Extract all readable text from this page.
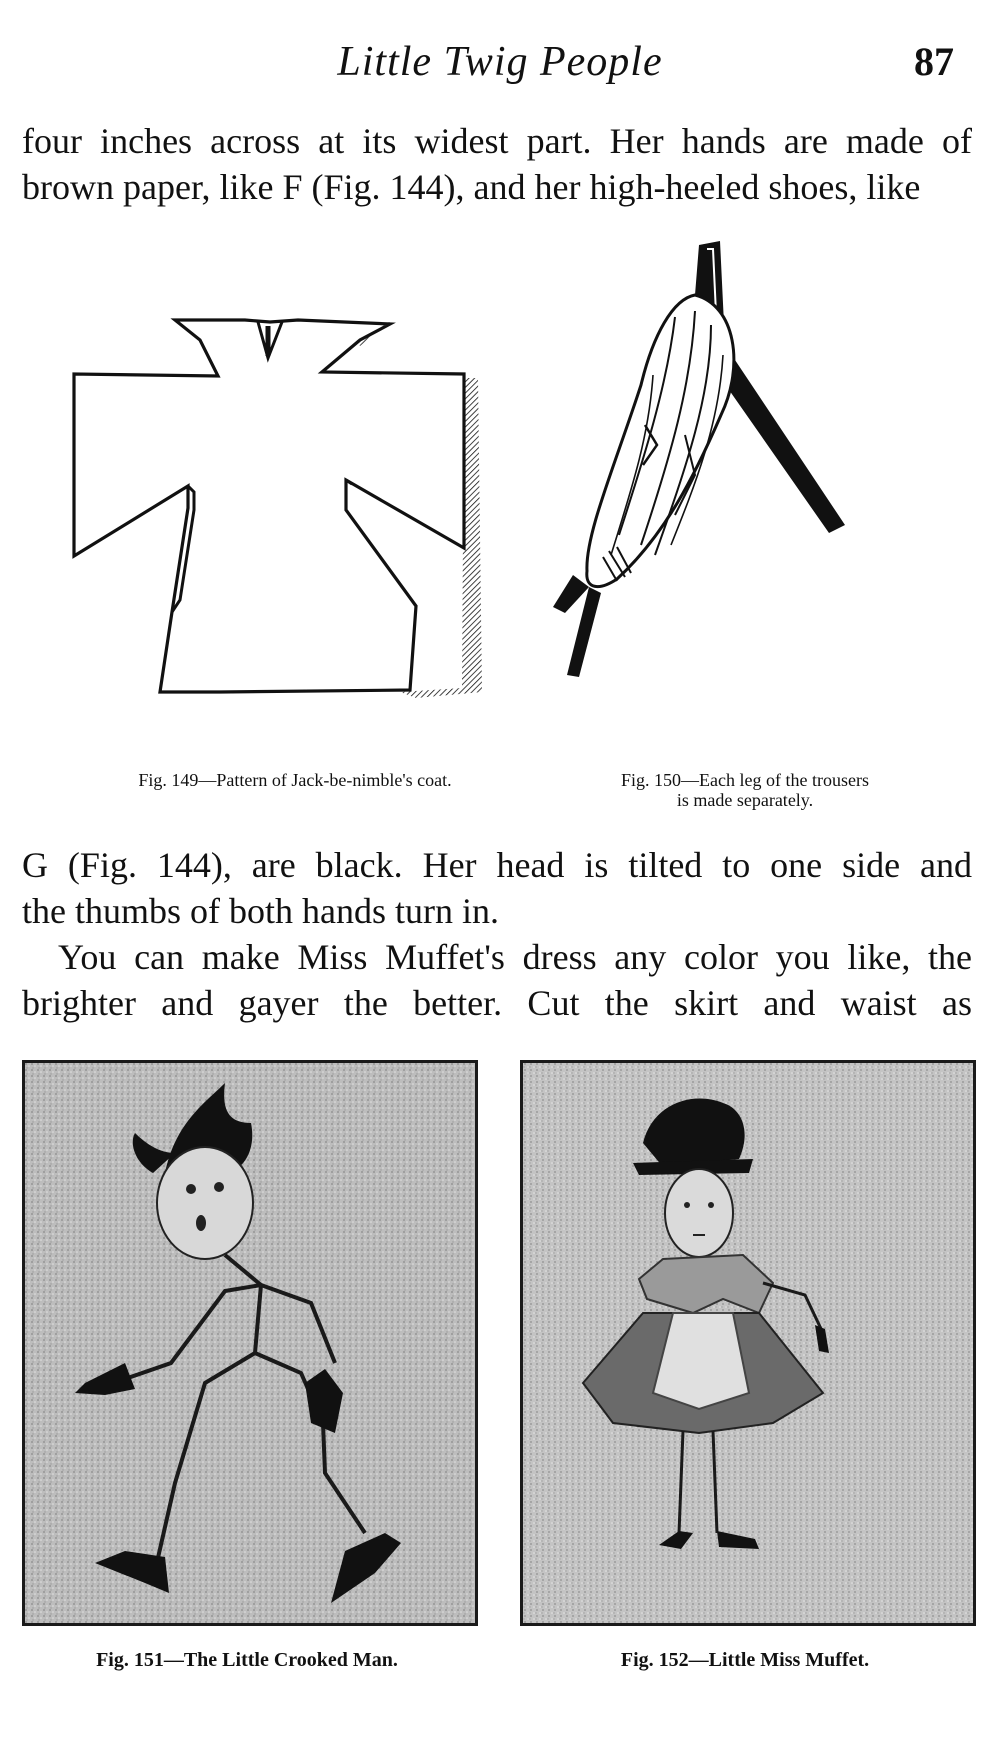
Little Twig People	87

four inches across at its widest part. Her hands are made of

brown paper, like F (Fig. 144), and her high-heeled shoes, like

Fig. 149—Pattern of Jack-be-nimble's coat.	Fig. 150—Each leg of the trousers
is made separately.

G (Fig. 144), are black. Her head is tilted to one side and

the thumbs of both hands turn in.

You can make Miss Muffet's dress any color you like, the

brighter and gayer the better. Cut the skirt and waist as

Fig. 151—The Little Crooked Man.	Fig. 152—Little Miss Muffet.
